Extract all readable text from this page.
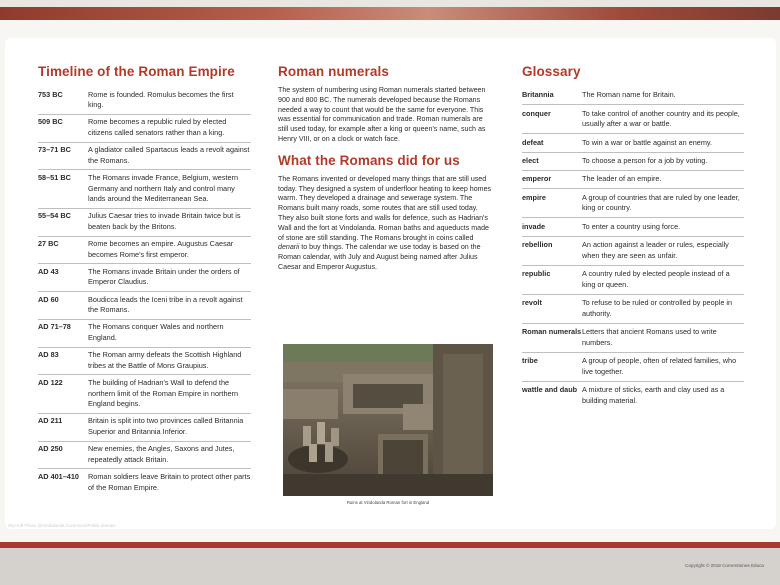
Wycroft Photo @Vindolanda Commons/Public domain
Copyright © 2018 Cornerstones Educa
Timeline of the Roman Empire
753 BC	Rome is founded. Romulus becomes the first king.
509 BC	Rome becomes a republic ruled by elected citizens called senators rather than a king.
73–71 BC	A gladiator called Spartacus leads a revolt against the Romans.
58–51 BC	The Romans invade France, Belgium, western Germany and northern Italy and control many lands around the Mediterranean Sea.
55–54 BC	Julius Caesar tries to invade Britain twice but is beaten back by the Britons.
27 BC	Rome becomes an empire. Augustus Caesar becomes Rome's first emperor.
AD 43	The Romans invade Britain under the orders of Emperor Claudius.
AD 60	Boudicca leads the Iceni tribe in a revolt against the Romans.
AD 71–78	The Romans conquer Wales and northern England.
AD 83	The Roman army defeats the Scottish Highland tribes at the Battle of Mons Graupius.
AD 122	The building of Hadrian's Wall to defend the northern limit of the Roman Empire in northern England begins.
AD 211	Britain is split into two provinces called Britannia Superior and Britannia Inferior.
AD 250	New enemies, the Angles, Saxons and Jutes, repeatedly attack Britain.
AD 401–410	Roman soldiers leave Britain to protect other parts of the Roman Empire.
Roman numerals

The system of numbering using Roman numerals started between 900 and 800 BC. The numerals developed because the Romans needed a way to count that would be the same for everyone. This was essential for communication and trade. Roman numerals are still used today, for example after a king or queen's name, such as Henry VIII, or on a clock or watch face.

What the Romans did for us

The Romans invented or developed many things that are still used today. They designed a system of underfloor heating to keep homes warm. They developed a drainage and sewerage system. The Romans built many roads, some routes that are still used today. They also built stone forts and walls for defence, such as Hadrian's Wall and the fort at Vindolanda. Roman baths and aqueducts made of stone are still standing. The Romans brought in coins called denarii to buy things. The calendar we use today is based on the Roman calendar, with July and August being named after Julius Caesar and Emperor Augustus.

Ruins at Vindolanda Roman fort in England
Glossary
Britannia	The Roman name for Britain.
conquer	To take control of another country and its people, usually after a war or battle.
defeat	To win a war or battle against an enemy.
elect	To choose a person for a job by voting.
emperor	The leader of an empire.
empire	A group of countries that are ruled by one leader, king or country.
invade	To enter a country using force.
rebellion	An action against a leader or rules, especially when they are seen as unfair.
republic	A country ruled by elected people instead of a king or queen.
revolt	To refuse to be ruled or controlled by people in authority.
Roman numerals	Letters that ancient Romans used to write numbers.
tribe	A group of people, often of related families, who live together.
wattle and daub	A mixture of sticks, earth and clay used as a building material.
